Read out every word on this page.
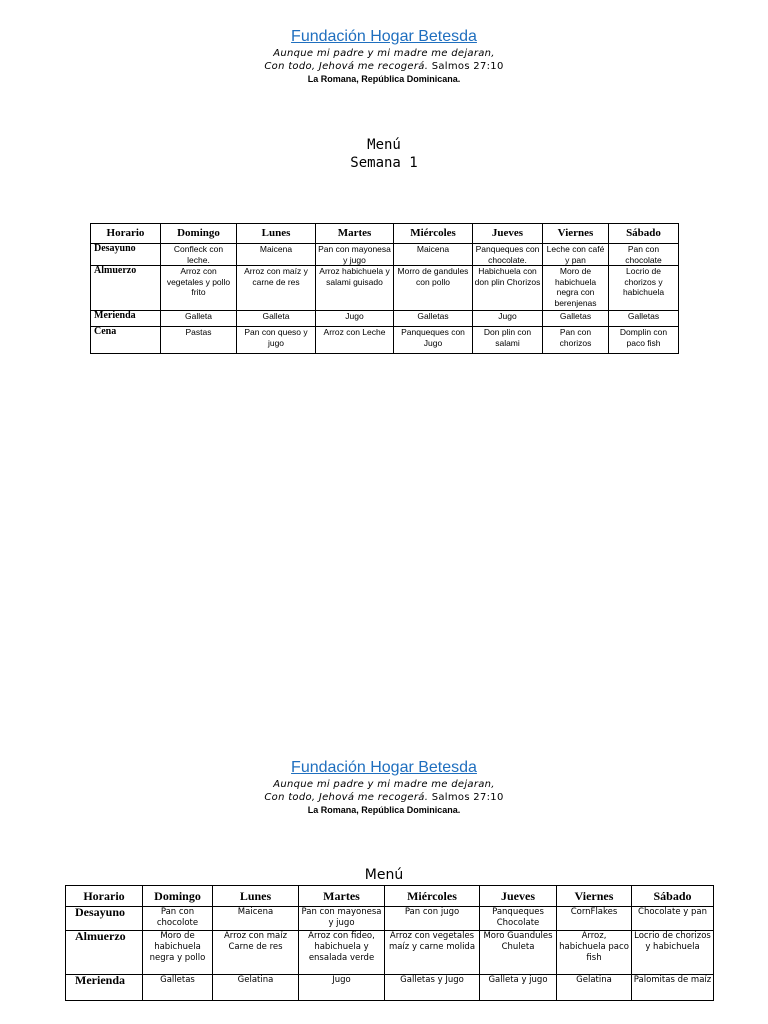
Fundación Hogar Betesda
Aunque mi padre y mi madre me dejaran,
Con todo, Jehová me recogerá. Salmos 27:10
La Romana, República Dominicana.
Menú
Semana 1
Horario	Domingo	Lunes	Martes	Miércoles	Jueves	Viernes	Sábado
Desayuno	Confleck con leche.	Maicena	Pan con mayonesa y jugo	Maicena	Panqueques con chocolate.	Leche con café y pan	Pan con chocolate
Almuerzo	Arroz con vegetales y pollo frito	Arroz con maíz y carne de res	Arroz habichuela y salami guisado	Morro de gandules con pollo	Habichuela con don plin Chorizos	Moro de habichuela negra con berenjenas	Locrio de chorizos y habichuela
Merienda	Galleta	Galleta	Jugo	Galletas	Jugo	Galletas	Galletas
Cena	Pastas	Pan con queso y jugo	Arroz con Leche	Panqueques con Jugo	Don plin con salami	Pan con chorizos	Domplin con paco fish
Fundación Hogar Betesda
Aunque mi padre y mi madre me dejaran,
Con todo, Jehová me recogerá. Salmos 27:10
La Romana, República Dominicana.
Menú
Horario	Domingo	Lunes	Martes	Miércoles	Jueves	Viernes	Sábado
Desayuno	Pan con chocolote	Maicena	Pan con mayonesa y jugo	Pan con jugo	Panqueques Chocolate	CornFlakes	Chocolate y pan
Almuerzo	Moro de habichuela negra y pollo	Arroz con maíz Carne de res	Arroz con fideo, habichuela y ensalada verde	Arroz con vegetales maíz y carne molida	Moro Guandules Chuleta	Arroz, habichuela paco fish	Locrio de chorizos y habichuela
Merienda	Galletas	Gelatina	Jugo	Galletas y Jugo	Galleta y jugo	Gelatina	Palomitas de maíz
